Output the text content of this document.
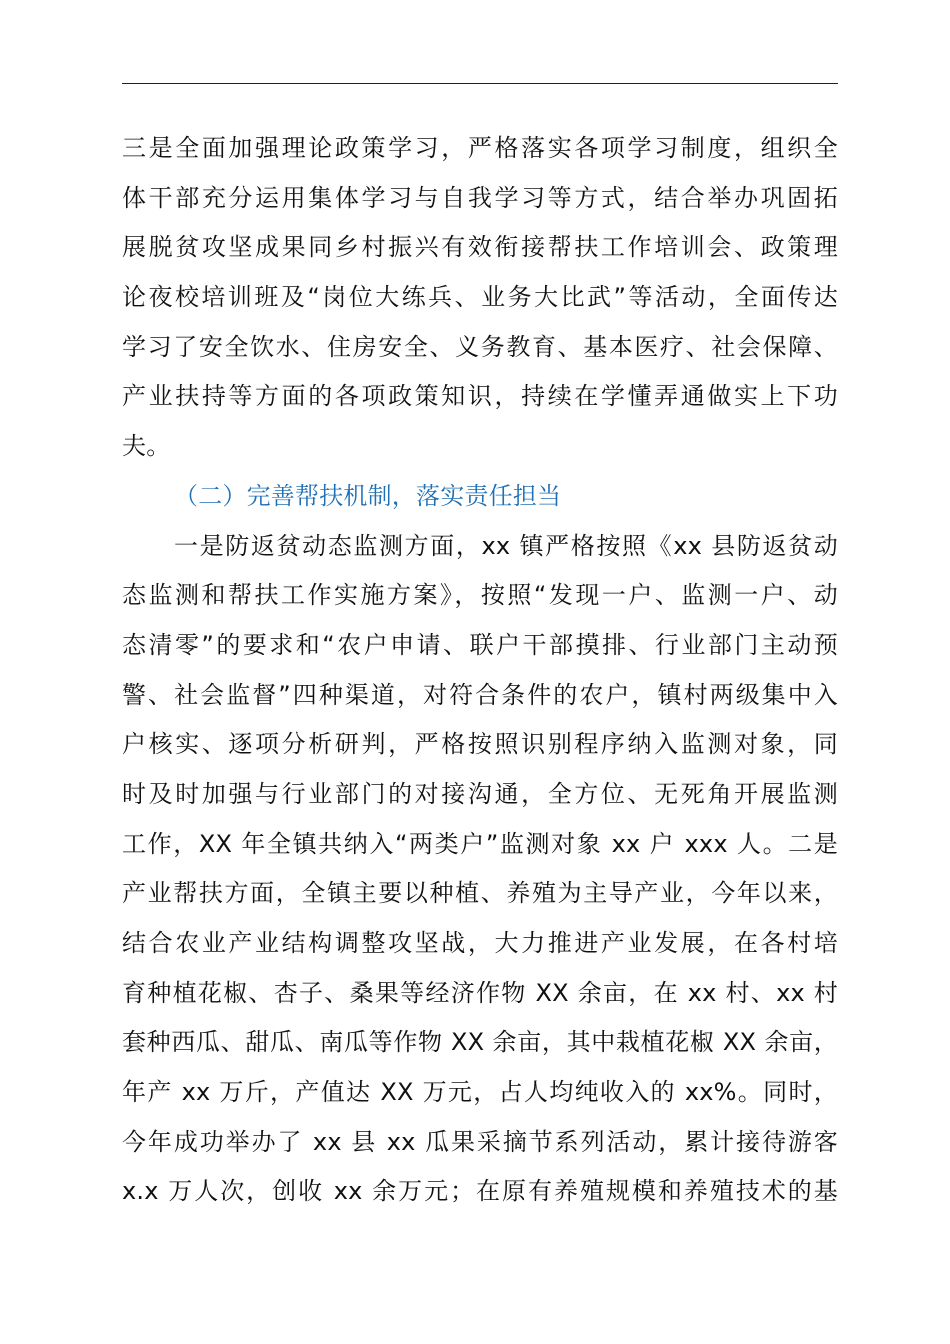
三是全面加强理论政策学习，严格落实各项学习制度，组织全
体干部充分运用集体学习与自我学习等方式，结合举办巩固拓
展脱贫攻坚成果同乡村振兴有效衔接帮扶工作培训会、政策理
论夜校培训班及“岗位大练兵、业务大比武”等活动，全面传达
学习了安全饮水、住房安全、义务教育、基本医疗、社会保障、
产业扶持等方面的各项政策知识，持续在学懂弄通做实上下功
夫。
（二）完善帮扶机制，落实责任担当
一是防返贫动态监测方面，xx 镇严格按照《xx 县防返贫动
态监测和帮扶工作实施方案》，按照“发现一户、监测一户、动
态清零”的要求和“农户申请、联户干部摸排、行业部门主动预
警、社会监督”四种渠道，对符合条件的农户，镇村两级集中入
户核实、逐项分析研判，严格按照识别程序纳入监测对象，同
时及时加强与行业部门的对接沟通，全方位、无死角开展监测
工作，XX 年全镇共纳入“两类户”监测对象 xx 户 xxx 人。二是
产业帮扶方面，全镇主要以种植、养殖为主导产业，今年以来，
结合农业产业结构调整攻坚战，大力推进产业发展，在各村培
育种植花椒、杏子、桑果等经济作物 XX 余亩，在 xx 村、xx 村
套种西瓜、甜瓜、南瓜等作物 XX 余亩，其中栽植花椒 XX 余亩，
年产 xx 万斤，产值达 XX 万元，占人均纯收入的 xx%。同时，
今年成功举办了 xx 县 xx 瓜果采摘节系列活动，累计接待游客
x.x 万人次，创收 xx 余万元；在原有养殖规模和养殖技术的基
